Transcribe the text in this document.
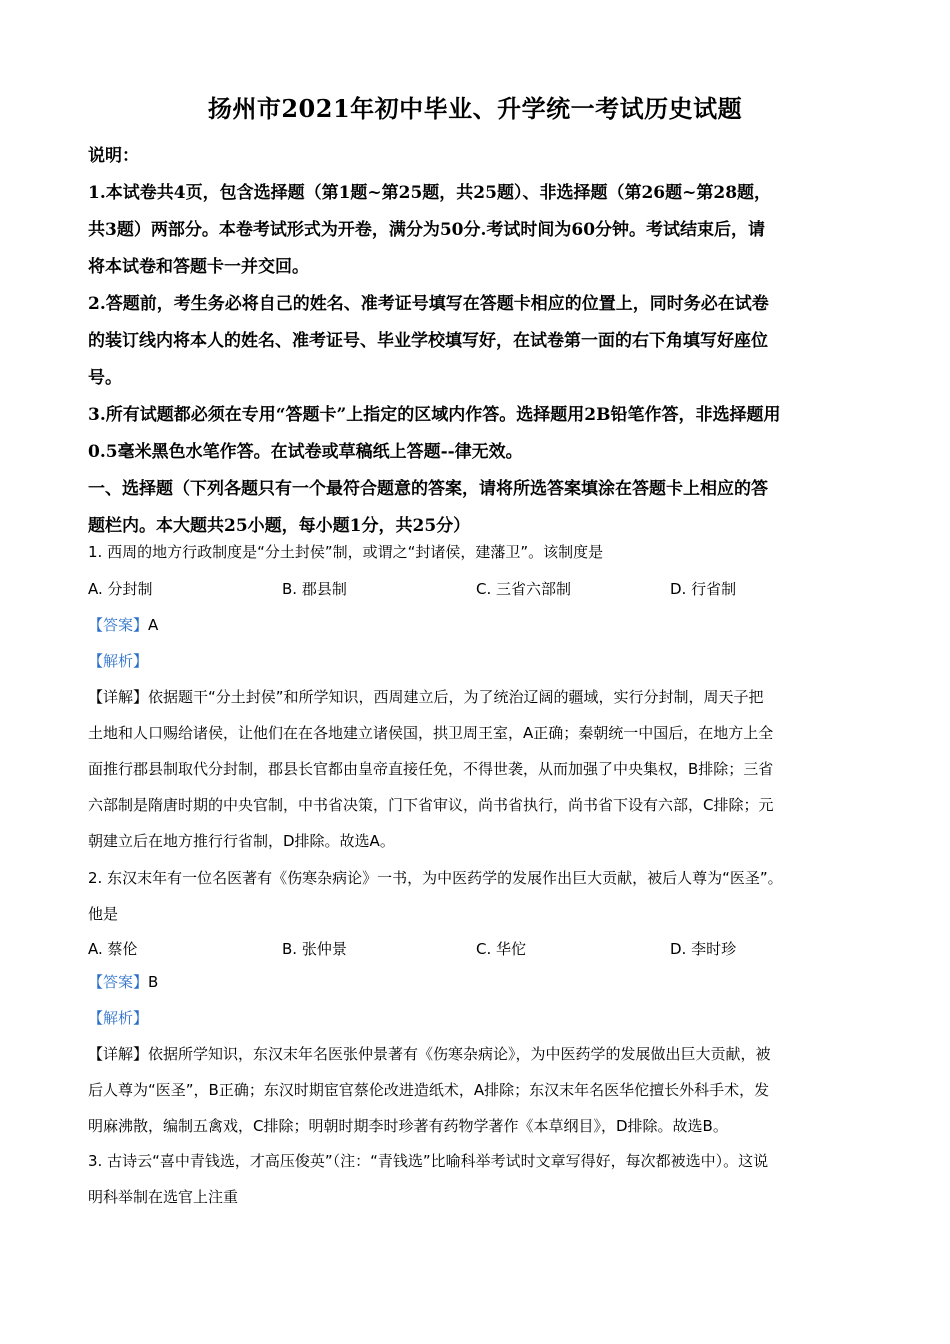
扬州市2021年初中毕业、升学统一考试历史试题
说明：
1.本试卷共4页，包含选择题（第1题~第25题，共25题）、非选择题（第26题~第28题，
共3题）两部分。本卷考试形式为开卷，满分为50分.考试时间为60分钟。考试结束后，请
将本试卷和答题卡一并交回。
2.答题前，考生务必将自己的姓名、准考证号填写在答题卡相应的位置上，同时务必在试卷
的装订线内将本人的姓名、准考证号、毕业学校填写好，在试卷第一面的右下角填写好座位
号。
3.所有试题都必须在专用“答题卡”上指定的区域内作答。选择题用2B铅笔作答，非选择题用
0.5毫米黑色水笔作答。在试卷或草稿纸上答题--律无效。
一、选择题（下列各题只有一个最符合题意的答案，请将所选答案填涂在答题卡上相应的答
题栏内。本大题共25小题，每小题1分，共25分）
1. 西周的地方行政制度是“分土封侯”制，或谓之“封诸侯，建藩卫”。该制度是
A. 分封制	B. 郡县制	C. 三省六部制	D. 行省制
【答案】A
【解析】
【详解】依据题干“分土封侯”和所学知识，西周建立后，为了统治辽阔的疆域，实行分封制，周天子把
土地和人口赐给诸侯，让他们在在各地建立诸侯国，拱卫周王室，A正确；秦朝统一中国后，在地方上全
面推行郡县制取代分封制，郡县长官都由皇帝直接任免，不得世袭，从而加强了中央集权，B排除；三省
六部制是隋唐时期的中央官制，中书省决策，门下省审议，尚书省执行，尚书省下设有六部，C排除；元
朝建立后在地方推行行省制，D排除。故选A。
2. 东汉末年有一位名医著有《伤寒杂病论》一书，为中医药学的发展作出巨大贡献，被后人尊为“医圣”。
他是
A. 蔡伦	B. 张仲景	C. 华佗	D. 李时珍
【答案】B
【解析】
【详解】依据所学知识，东汉末年名医张仲景著有《伤寒杂病论》，为中医药学的发展做出巨大贡献，被
后人尊为“医圣”，B正确；东汉时期宦官蔡伦改进造纸术，A排除；东汉末年名医华佗擅长外科手术，发
明麻沸散，编制五禽戏，C排除；明朝时期李时珍著有药物学著作《本草纲目》，D排除。故选B。
3. 古诗云“喜中青钱选，才高压俊英”（注：“青钱选”比喻科举考试时文章写得好，每次都被选中）。这说
明科举制在选官上注重
